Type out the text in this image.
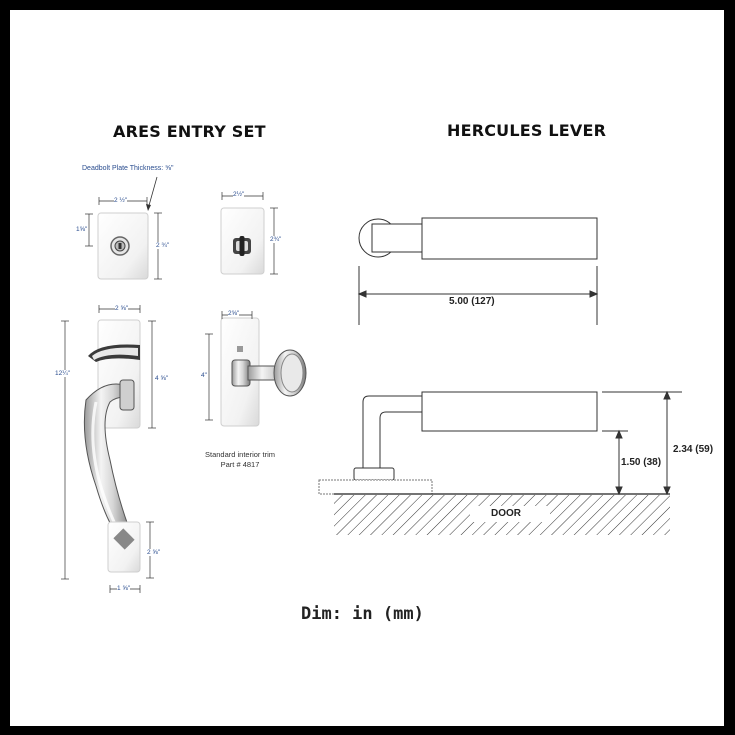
ARES ENTRY SET	HERCULES LEVER
Deadbolt Plate Thickness: ⅝"
2 ½"
1⅝"
2 ¾"
2½"
2¾"
2 ⅝"
12¼"
4 ⅝"
2 ⅝"
1 ⅝"
2⅝"
4"
Standard interior trim
Part # 4817
5.00 (127)
1.50 (38)
2.34 (59)
DOOR
Dim: in (mm)
